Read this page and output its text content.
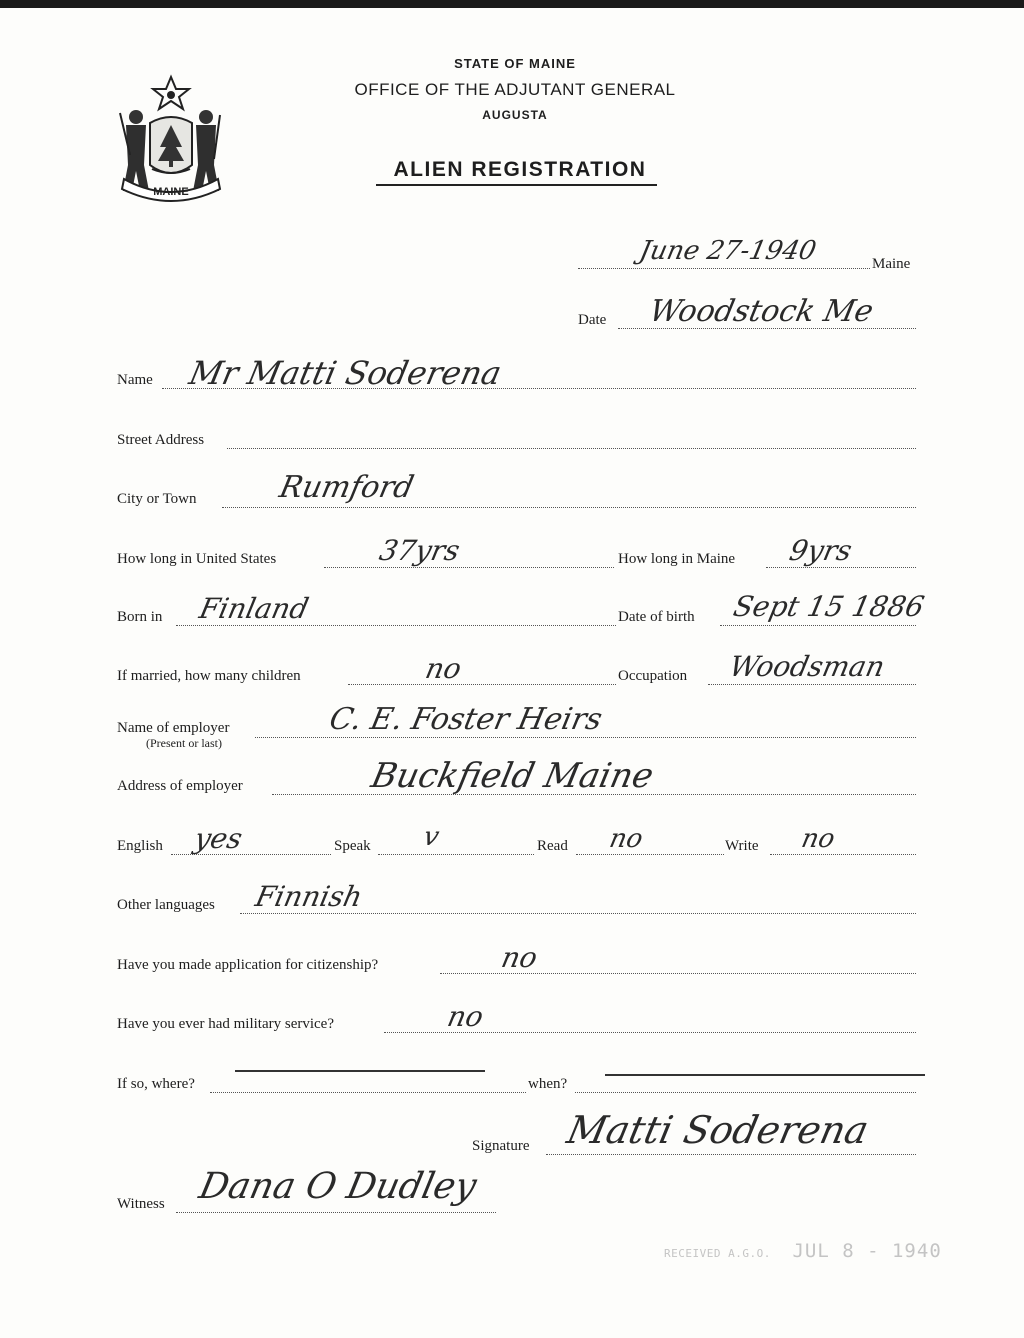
MAINE
STATE OF MAINE
OFFICE OF THE ADJUTANT GENERAL
AUGUSTA
ALIEN REGISTRATION
June 27-1940	Maine
Date Woodstock Me
Name Mr Matti Soderena
Street Address
City or Town	Rumford
How long in United States	37yrs	How long in Maine 9yrs
Born in Finland	Date of birth Sept 15 1886
If married, how many children	no	Occupation Woodsman
Name of employer
(Present or last)
C. E. Foster Heirs
Address of employer	Buckfield Maine
English yes	Speak v	Read no	Write no
Other languages Finnish
Have you made application for citizenship?	no
Have you ever had military service?	no
If so, where?	when?
Signature Matti Soderena
Witness Dana O Dudley
RECEIVED A.G.O. JUL 8 - 1940
